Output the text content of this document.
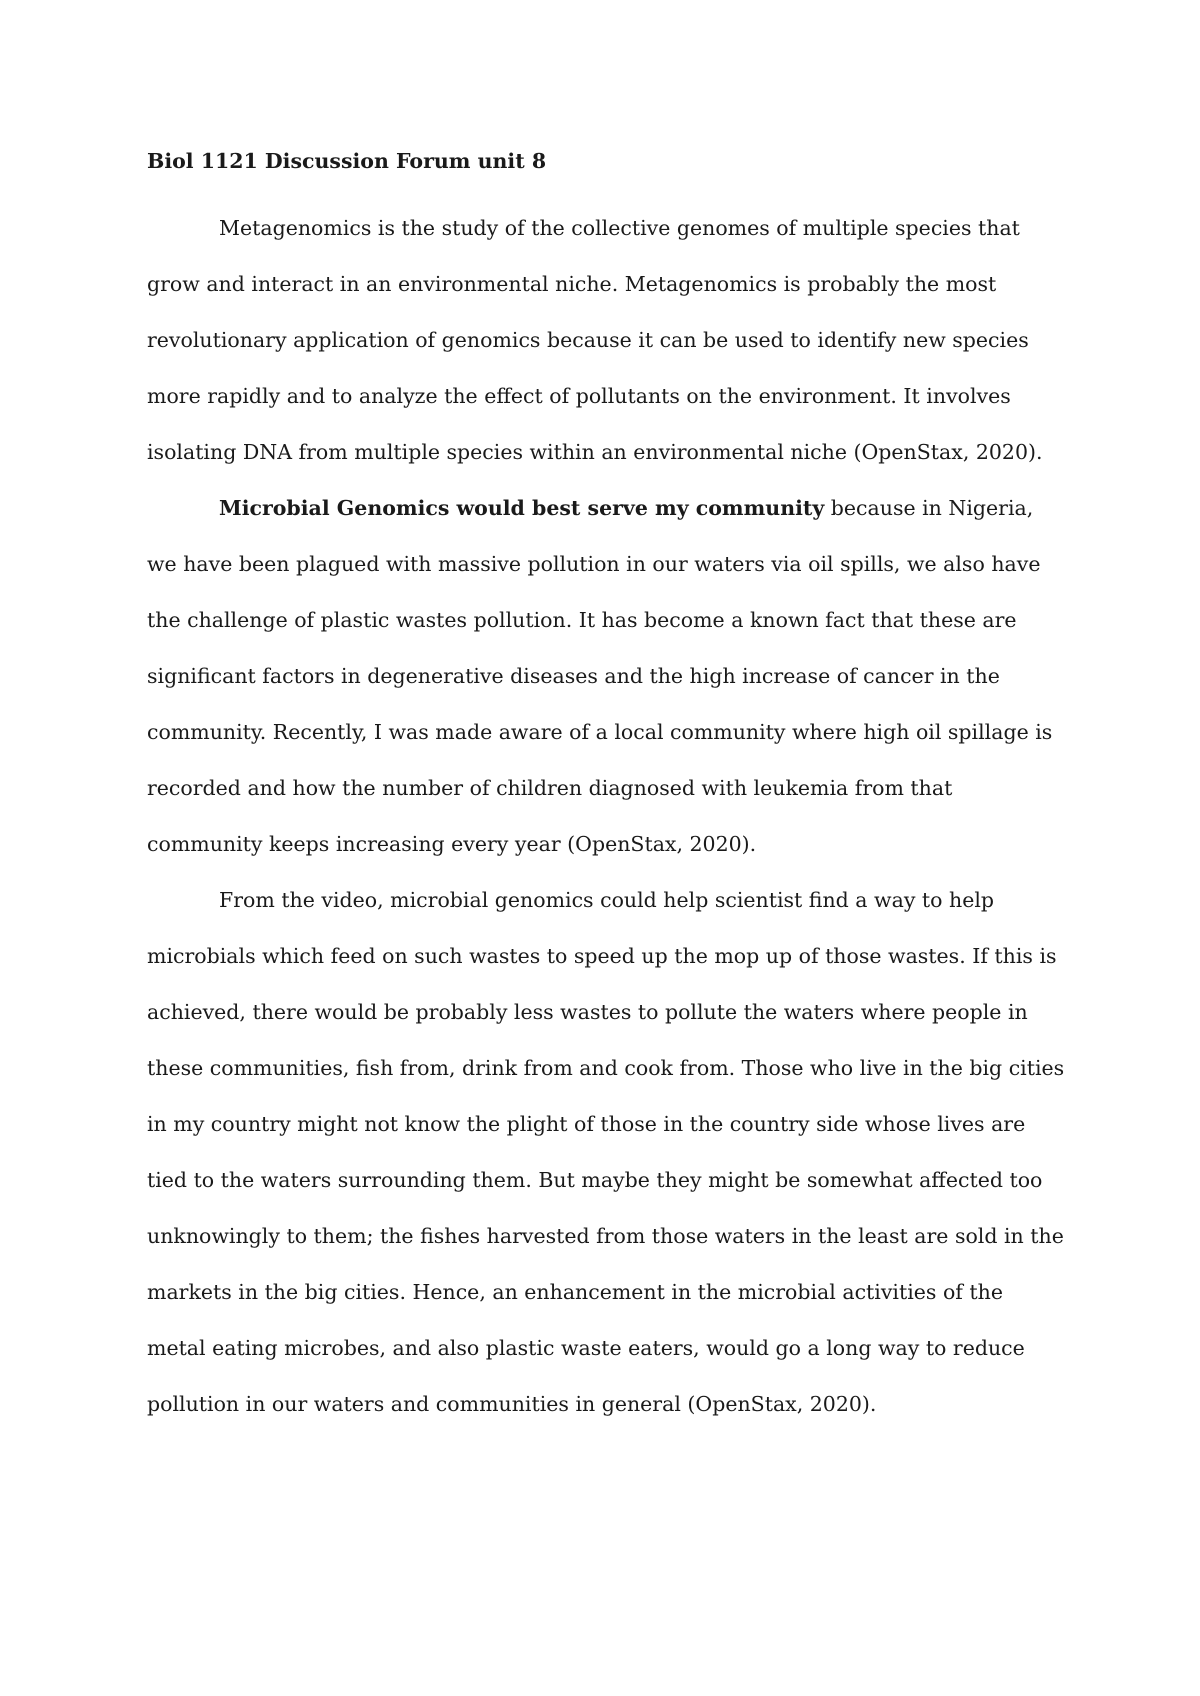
Biol 1121 Discussion Forum unit 8

Metagenomics is the study of the collective genomes of multiple species that grow and interact in an environmental niche. Metagenomics is probably the most revolutionary application of genomics because it can be used to identify new species more rapidly and to analyze the effect of pollutants on the environment. It involves isolating DNA from multiple species within an environmental niche (OpenStax, 2020).

Microbial Genomics would best serve my community because in Nigeria, we have been plagued with massive pollution in our waters via oil spills, we also have the challenge of plastic wastes pollution. It has become a known fact that these are significant factors in degenerative diseases and the high increase of cancer in the community. Recently, I was made aware of a local community where high oil spillage is recorded and how the number of children diagnosed with leukemia from that community keeps increasing every year (OpenStax, 2020).

From the video, microbial genomics could help scientist find a way to help microbials which feed on such wastes to speed up the mop up of those wastes. If this is achieved, there would be probably less wastes to pollute the waters where people in these communities, fish from, drink from and cook from. Those who live in the big cities in my country might not know the plight of those in the country side whose lives are tied to the waters surrounding them. But maybe they might be somewhat affected too unknowingly to them; the fishes harvested from those waters in the least are sold in the markets in the big cities. Hence, an enhancement in the microbial activities of the metal eating microbes, and also plastic waste eaters, would go a long way to reduce pollution in our waters and communities in general (OpenStax, 2020).
